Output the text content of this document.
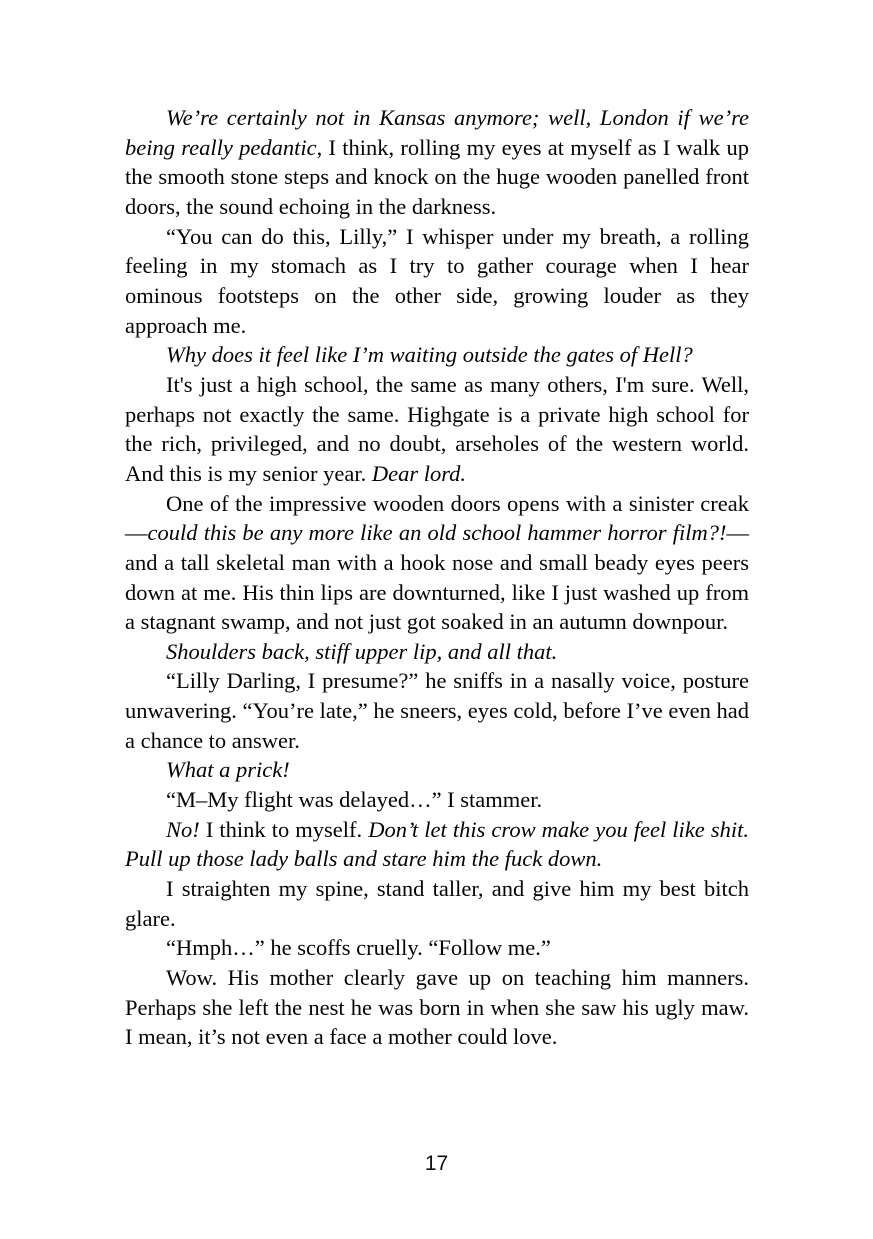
We’re certainly not in Kansas anymore; well, London if we’re being really pedantic, I think, rolling my eyes at myself as I walk up the smooth stone steps and knock on the huge wooden panelled front doors, the sound echoing in the darkness.

“You can do this, Lilly,” I whisper under my breath, a rolling feeling in my stomach as I try to gather courage when I hear ominous footsteps on the other side, growing louder as they approach me.

Why does it feel like I’m waiting outside the gates of Hell?

It's just a high school, the same as many others, I'm sure. Well, perhaps not exactly the same. Highgate is a private high school for the rich, privileged, and no doubt, arseholes of the western world. And this is my senior year. Dear lord.

One of the impressive wooden doors opens with a sinister creak—could this be any more like an old school hammer horror film?!—and a tall skeletal man with a hook nose and small beady eyes peers down at me. His thin lips are downturned, like I just washed up from a stagnant swamp, and not just got soaked in an autumn downpour.

Shoulders back, stiff upper lip, and all that.

“Lilly Darling, I presume?” he sniffs in a nasally voice, posture unwavering. “You’re late,” he sneers, eyes cold, before I’ve even had a chance to answer.

What a prick!

“M–My flight was delayed…” I stammer.

No! I think to myself. Don’t let this crow make you feel like shit. Pull up those lady balls and stare him the fuck down.

I straighten my spine, stand taller, and give him my best bitch glare.

“Hmph…” he scoffs cruelly. “Follow me.”

Wow. His mother clearly gave up on teaching him manners. Perhaps she left the nest he was born in when she saw his ugly maw. I mean, it’s not even a face a mother could love.

17
